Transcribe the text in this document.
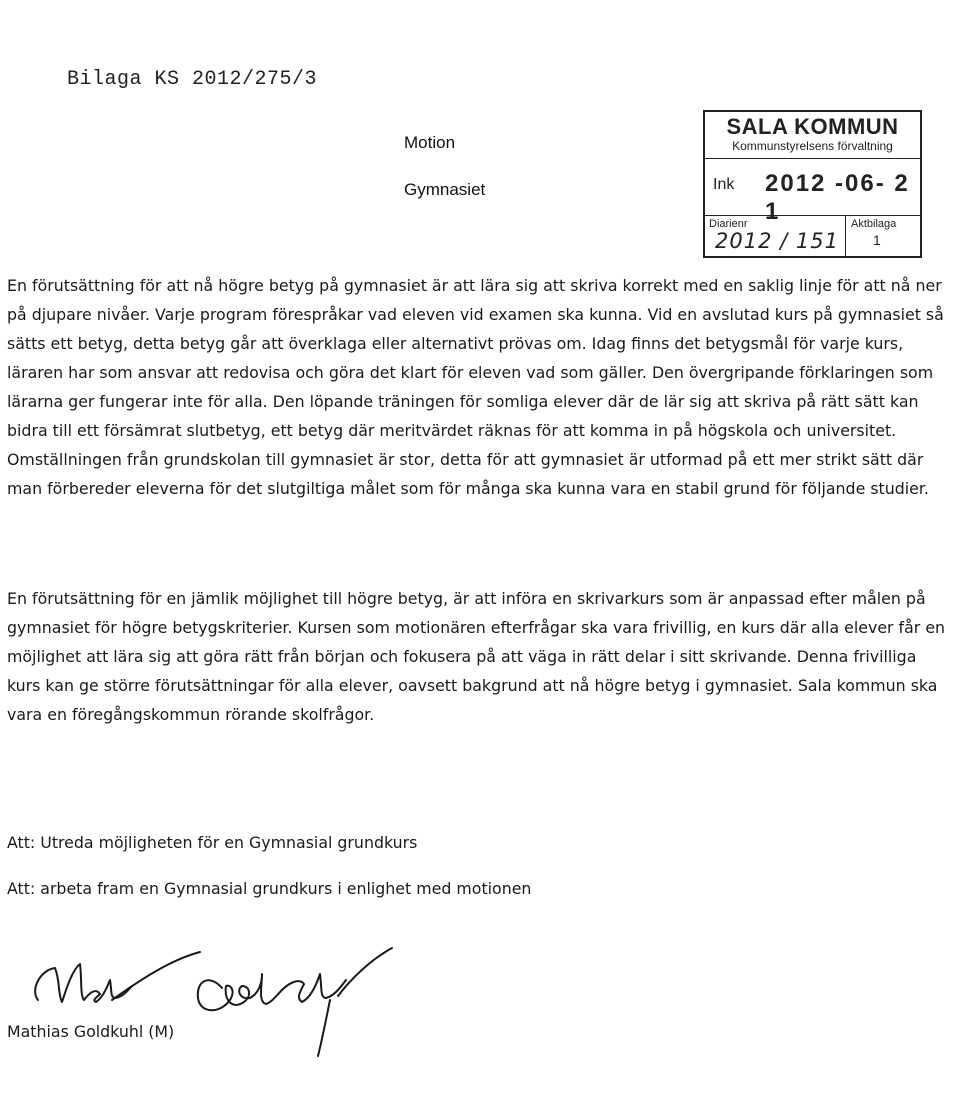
Bilaga KS 2012/275/3
Motion
Gymnasiet
SALA KOMMUN
Kommunstyrelsens förvaltning
Ink 2012 -06- 2 1
Diarienr
2012 / 151
Aktbilaga
1

En förutsättning för att nå högre betyg på gymnasiet är att lära sig att skriva korrekt med en saklig linje för att nå ner på djupare nivåer. Varje program förespråkar vad eleven vid examen ska kunna. Vid en avslutad kurs på gymnasiet så sätts ett betyg, detta betyg går att överklaga eller alternativt prövas om. Idag finns det betygsmål för varje kurs, läraren har som ansvar att redovisa och göra det klart för eleven vad som gäller. Den övergripande förklaringen som lärarna ger fungerar inte för alla. Den löpande träningen för somliga elever där de lär sig att skriva på rätt sätt kan bidra till ett försämrat slutbetyg, ett betyg där meritvärdet räknas för att komma in på högskola och universitet. Omställningen från grundskolan till gymnasiet är stor, detta för att gymnasiet är utformad på ett mer strikt sätt där man förbereder eleverna för det slutgiltiga målet som för många ska kunna vara en stabil grund för följande studier.

En förutsättning för en jämlik möjlighet till högre betyg, är att införa en skrivarkurs som är anpassad efter målen på gymnasiet för högre betygskriterier. Kursen som motionären efterfrågar ska vara frivillig, en kurs där alla elever får en möjlighet att lära sig att göra rätt från början och fokusera på att väga in rätt delar i sitt skrivande. Denna frivilliga kurs kan ge större förutsättningar för alla elever, oavsett bakgrund att nå högre betyg i gymnasiet. Sala kommun ska vara en föregångskommun rörande skolfrågor.

Att: Utreda möjligheten för en Gymnasial grundkurs
Att: arbeta fram en Gymnasial grundkurs i enlighet med motionen
Mathias Goldkuhl (M)
